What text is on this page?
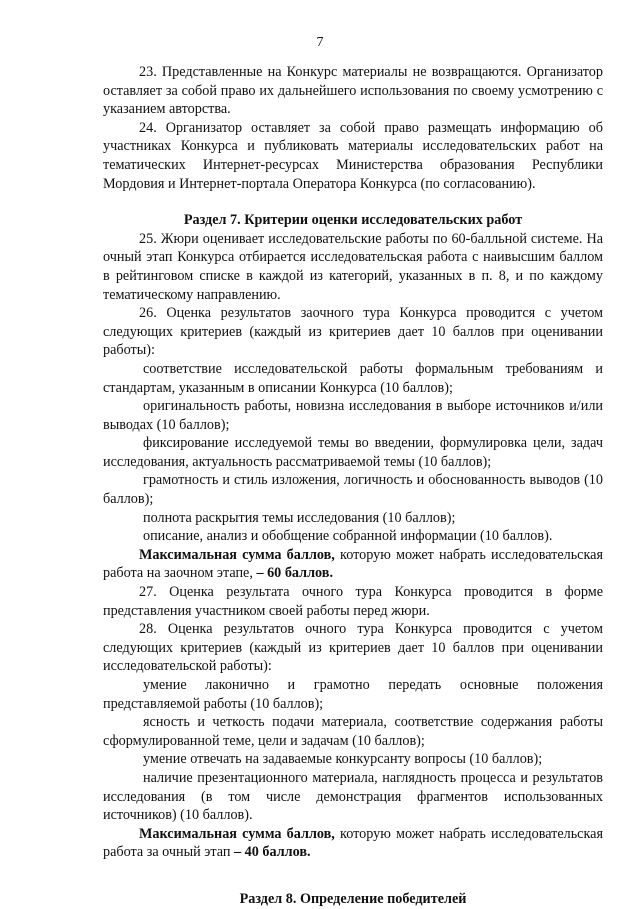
7

23. Представленные на Конкурс материалы не возвращаются. Организатор оставляет за собой право их дальнейшего использования по своему усмотрению с указанием авторства.

24. Организатор оставляет за собой право размещать информацию об участниках Конкурса и публиковать материалы исследовательских работ на тематических Интернет-ресурсах Министерства образования Республики Мордовия и Интернет-портала Оператора Конкурса (по согласованию).

Раздел 7. Критерии оценки исследовательских работ

25. Жюри оценивает исследовательские работы по 60-балльной системе. На очный этап Конкурса отбирается исследовательская работа с наивысшим баллом в рейтинговом списке в каждой из категорий, указанных в п. 8, и по каждому тематическому направлению.

26. Оценка результатов заочного тура Конкурса проводится с учетом следующих критериев (каждый из критериев дает 10 баллов при оценивании работы):

соответствие исследовательской работы формальным требованиям и стандартам, указанным в описании Конкурса (10 баллов);

оригинальность работы, новизна исследования в выборе источников и/или выводах (10 баллов);

фиксирование исследуемой темы во введении, формулировка цели, задач исследования, актуальность рассматриваемой темы (10 баллов);

грамотность и стиль изложения, логичность и обоснованность выводов (10 баллов);

полнота раскрытия темы исследования (10 баллов);

описание, анализ и обобщение собранной информации (10 баллов).

Максимальная сумма баллов, которую может набрать исследовательская работа на заочном этапе, – 60 баллов.

27. Оценка результата очного тура Конкурса проводится в форме представления участником своей работы перед жюри.

28. Оценка результатов очного тура Конкурса проводится с учетом следующих критериев (каждый из критериев дает 10 баллов при оценивании исследовательской работы):

умение лаконично и грамотно передать основные положения представляемой работы (10 баллов);

ясность и четкость подачи материала, соответствие содержания работы сформулированной теме, цели и задачам (10 баллов);

умение отвечать на задаваемые конкурсанту вопросы (10 баллов);

наличие презентационного материала, наглядность процесса и результатов исследования (в том числе демонстрация фрагментов использованных источников) (10 баллов).

Максимальная сумма баллов, которую может набрать исследовательская работа за очный этап – 40 баллов.

Раздел 8. Определение победителей
